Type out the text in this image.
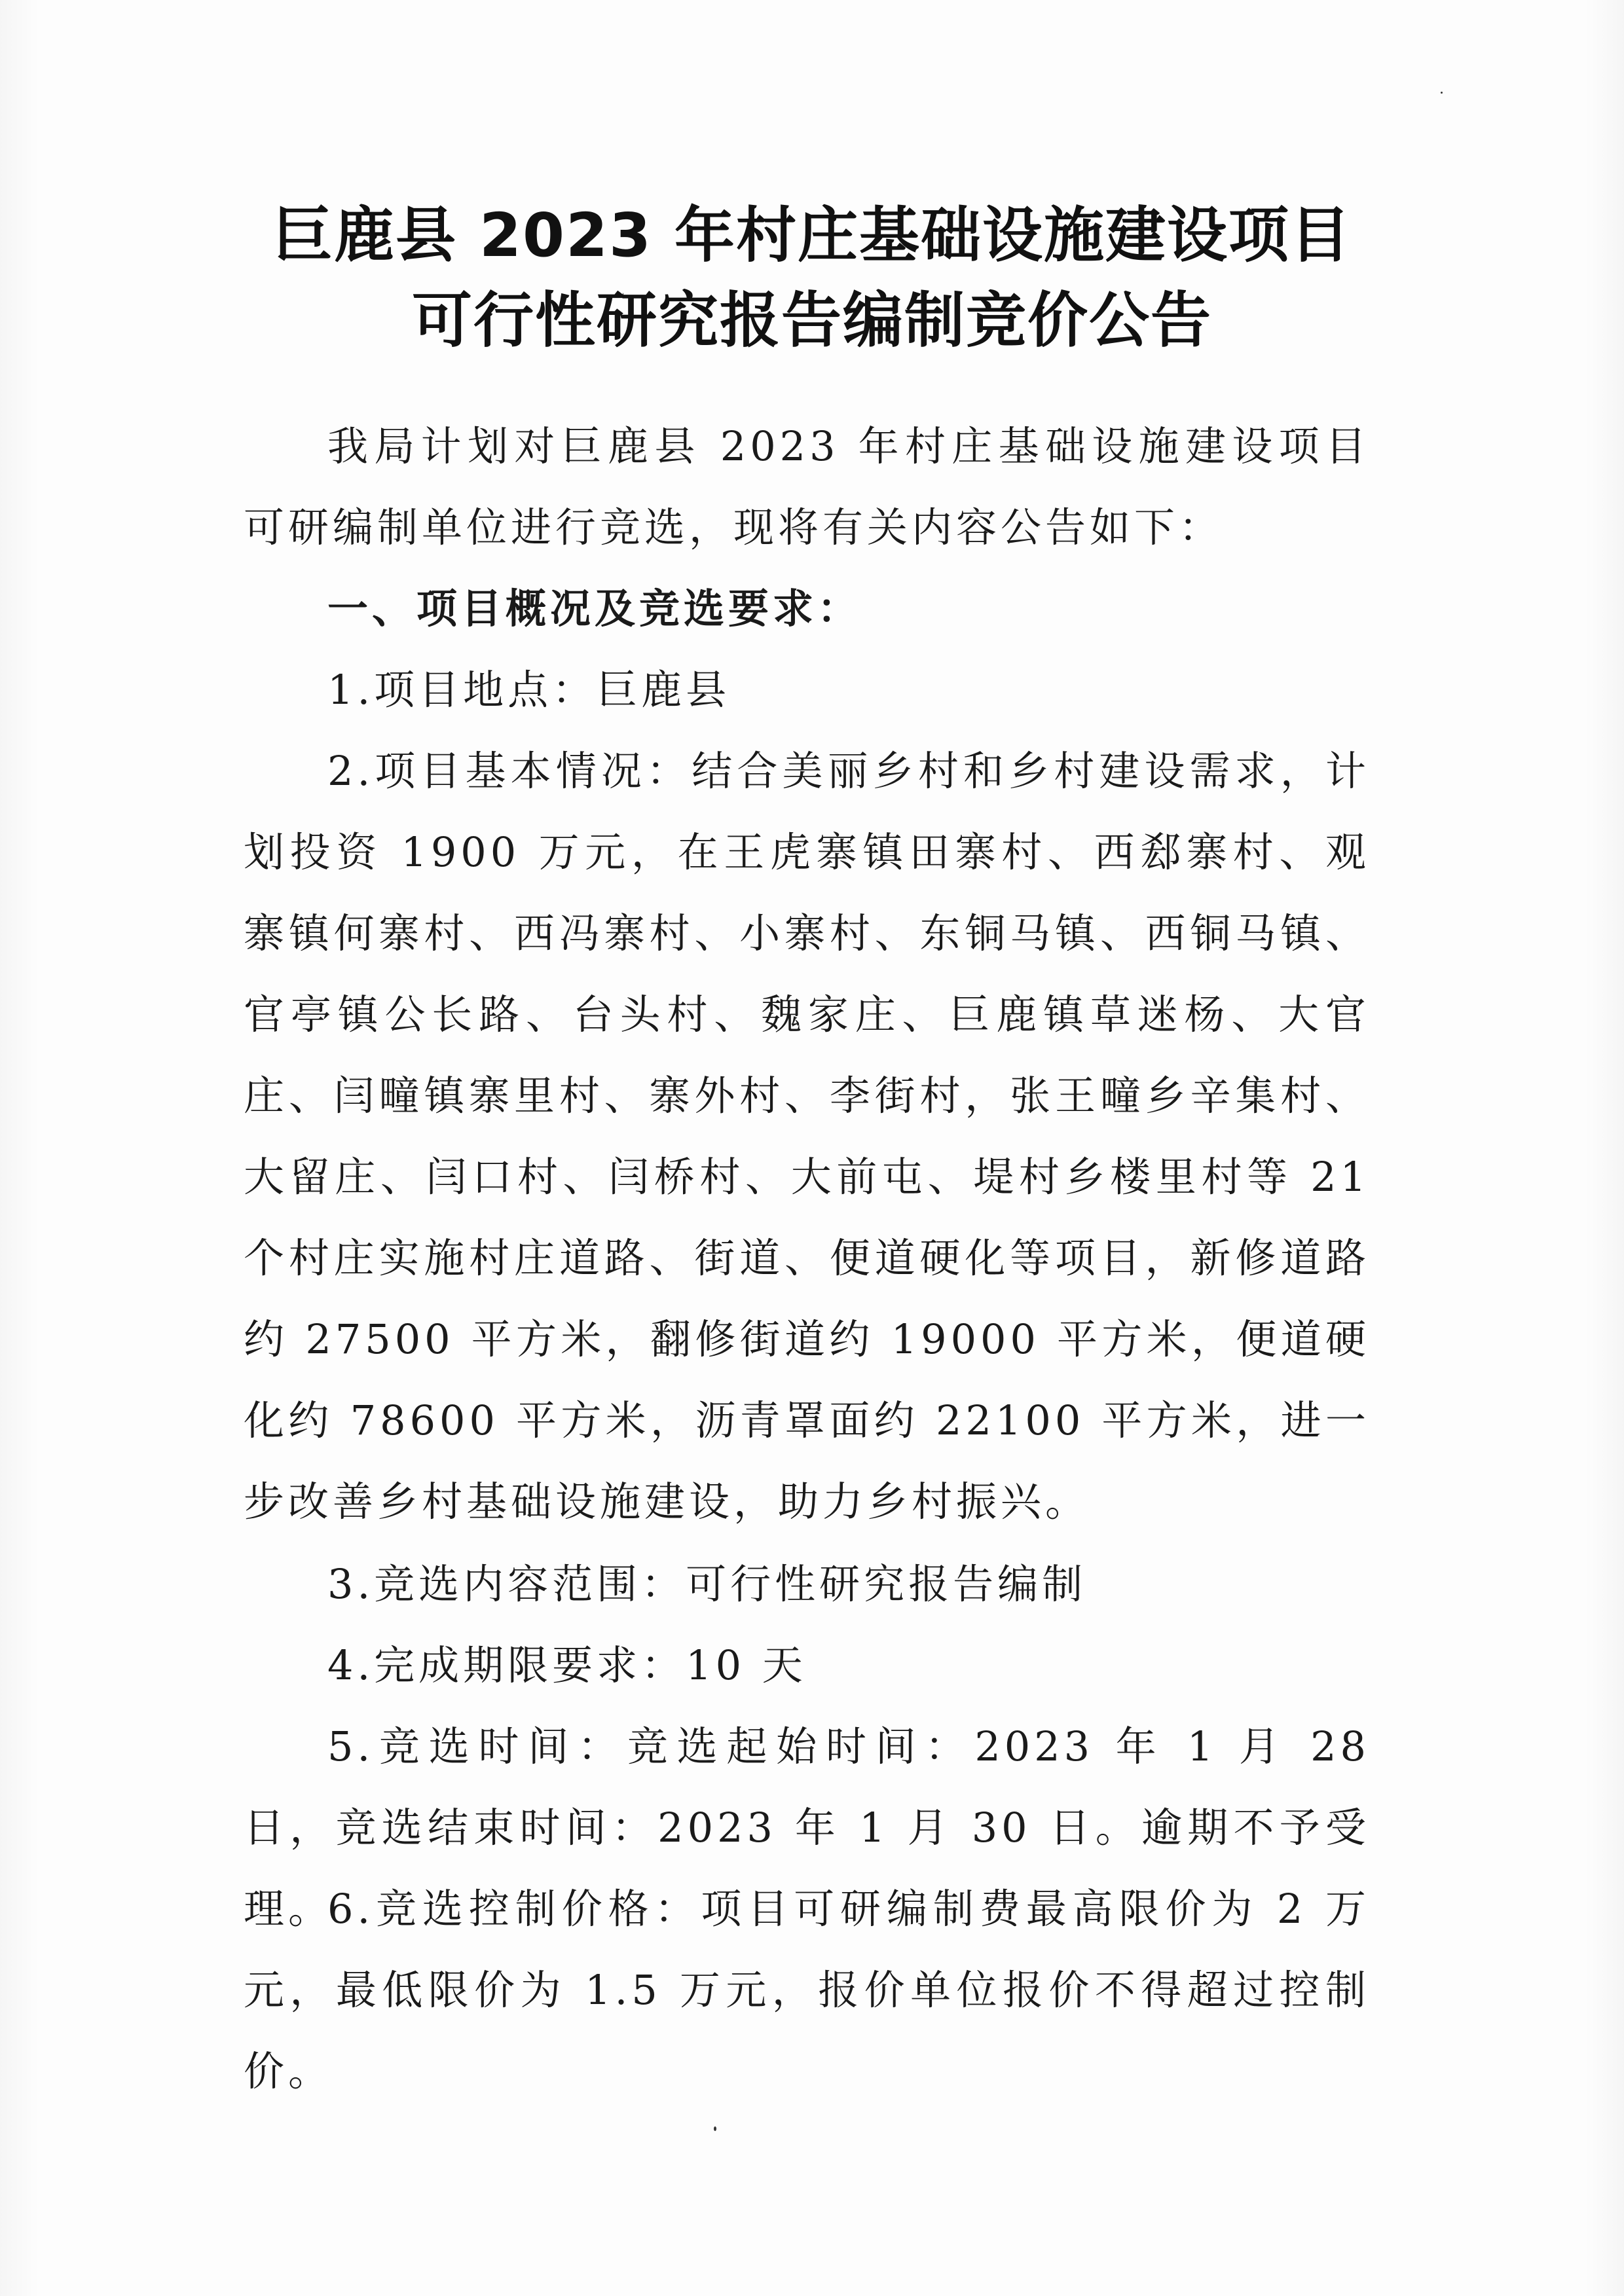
巨鹿县 2023 年村庄基础设施建设项目
可行性研究报告编制竞价公告

我局计划对巨鹿县 2023 年村庄基础设施建设项目可研编制单位进行竞选，现将有关内容公告如下：

一、项目概况及竞选要求：

1.项目地点：巨鹿县

2.项目基本情况：结合美丽乡村和乡村建设需求，计划投资 1900 万元，在王虎寨镇田寨村、西郄寨村、观寨镇何寨村、西冯寨村、小寨村、东铜马镇、西铜马镇、官亭镇公长路、台头村、魏家庄、巨鹿镇草迷杨、大官庄、闫疃镇寨里村、寨外村、李街村，张王疃乡辛集村、大留庄、闫口村、闫桥村、大前屯、堤村乡楼里村等 21 个村庄实施村庄道路、街道、便道硬化等项目，新修道路约 27500 平方米，翻修街道约 19000 平方米，便道硬化约 78600 平方米，沥青罩面约 22100 平方米，进一步改善乡村基础设施建设，助力乡村振兴。

3.竞选内容范围：可行性研究报告编制

4.完成期限要求：10 天

5.竞选时间：竞选起始时间：2023 年 1 月 28 日，竞选结束时间：2023 年 1 月 30 日。逾期不予受理。

6.竞选控制价格：项目可研编制费最高限价为 2 万元，最低限价为 1.5 万元，报价单位报价不得超过控制价。
